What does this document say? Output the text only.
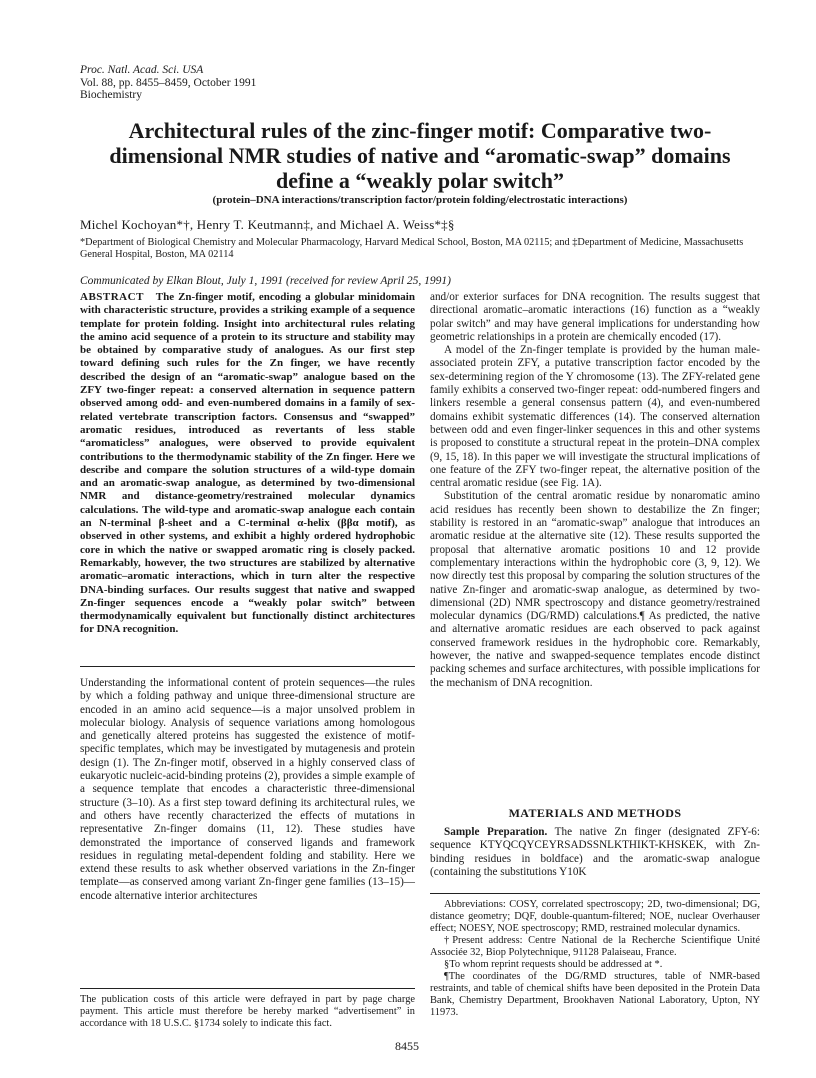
Proc. Natl. Acad. Sci. USA
Vol. 88, pp. 8455–8459, October 1991
Biochemistry
Architectural rules of the zinc-finger motif: Comparative two-dimensional NMR studies of native and “aromatic-swap” domains define a “weakly polar switch”
(protein–DNA interactions/transcription factor/protein folding/electrostatic interactions)
Michel Kochoyan*†, Henry T. Keutmann‡, and Michael A. Weiss*‡§
*Department of Biological Chemistry and Molecular Pharmacology, Harvard Medical School, Boston, MA 02115; and ‡Department of Medicine, Massachusetts General Hospital, Boston, MA 02114
Communicated by Elkan Blout, July 1, 1991 (received for review April 25, 1991)
ABSTRACT The Zn-finger motif, encoding a globular minidomain with characteristic structure, provides a striking example of a sequence template for protein folding. Insight into architectural rules relating the amino acid sequence of a protein to its structure and stability may be obtained by comparative study of analogues. As our first step toward defining such rules for the Zn finger, we have recently described the design of an “aromatic-swap” analogue based on the ZFY two-finger repeat: a conserved alternation in sequence pattern observed among odd- and even-numbered domains in a family of sex-related vertebrate transcription factors. Consensus and “swapped” aromatic residues, introduced as revertants of less stable “aromaticless” analogues, were observed to provide equivalent contributions to the thermodynamic stability of the Zn finger. Here we describe and compare the solution structures of a wild-type domain and an aromatic-swap analogue, as determined by two-dimensional NMR and distance-geometry/restrained molecular dynamics calculations. The wild-type and aromatic-swap analogue each contain an N-terminal β-sheet and a C-terminal α-helix (ββα motif), as observed in other systems, and exhibit a highly ordered hydrophobic core in which the native or swapped aromatic ring is closely packed. Remarkably, however, the two structures are stabilized by alternative aromatic–aromatic interactions, which in turn alter the respective DNA-binding surfaces. Our results suggest that native and swapped Zn-finger sequences encode a “weakly polar switch” between thermodynamically equivalent but functionally distinct architectures for DNA recognition.

Understanding the informational content of protein sequences—the rules by which a folding pathway and unique three-dimensional structure are encoded in an amino acid sequence—is a major unsolved problem in molecular biology. Analysis of sequence variations among homologous and genetically altered proteins has suggested the existence of motif-specific templates, which may be investigated by mutagenesis and protein design (1). The Zn-finger motif, observed in a highly conserved class of eukaryotic nucleic-acid-binding proteins (2), provides a simple example of a sequence template that encodes a characteristic three-dimensional structure (3–10). As a first step toward defining its architectural rules, we and others have recently characterized the effects of mutations in representative Zn-finger domains (11, 12). These studies have demonstrated the importance of conserved ligands and framework residues in regulating metal-dependent folding and stability. Here we extend these results to ask whether observed variations in the Zn-finger template—as conserved among variant Zn-finger gene families (13–15)—encode alternative interior architectures

and/or exterior surfaces for DNA recognition. The results suggest that directional aromatic–aromatic interactions (16) function as a “weakly polar switch” and may have general implications for understanding how geometric relationships in a protein are chemically encoded (17).

A model of the Zn-finger template is provided by the human male-associated protein ZFY, a putative transcription factor encoded by the sex-determining region of the Y chromosome (13). The ZFY-related gene family exhibits a conserved two-finger repeat: odd-numbered fingers and linkers resemble a general consensus pattern (4), and even-numbered domains exhibit systematic differences (14). The conserved alternation between odd and even finger-linker sequences in this and other systems is proposed to constitute a structural repeat in the protein–DNA complex (9, 15, 18). In this paper we will investigate the structural implications of one feature of the ZFY two-finger repeat, the alternative position of the central aromatic residue (see Fig. 1A).

Substitution of the central aromatic residue by nonaromatic amino acid residues has recently been shown to destabilize the Zn finger; stability is restored in an “aromatic-swap” analogue that introduces an aromatic residue at the alternative site (12). These results supported the proposal that alternative aromatic positions 10 and 12 provide complementary interactions within the hydrophobic core (3, 9, 12). We now directly test this proposal by comparing the solution structures of the native Zn-finger and aromatic-swap analogue, as determined by two-dimensional (2D) NMR spectroscopy and distance geometry/restrained molecular dynamics (DG/RMD) calculations.¶ As predicted, the native and alternative aromatic residues are each observed to pack against conserved framework residues in the hydrophobic core. Remarkably, however, the native and swapped-sequence templates encode distinct packing schemes and surface architectures, with possible implications for the mechanism of DNA recognition.

MATERIALS AND METHODS

Sample Preparation. The native Zn finger (designated ZFY-6: sequence KTYQCQYCEYRSADSSNLKTHIKT-KHSKEK, with Zn-binding residues in boldface) and the aromatic-swap analogue (containing the substitutions Y10K

Abbreviations: COSY, correlated spectroscopy; 2D, two-dimensional; DG, distance geometry; DQF, double-quantum-filtered; NOE, nuclear Overhauser effect; NOESY, NOE spectroscopy; RMD, restrained molecular dynamics.

†Present address: Centre National de la Recherche Scientifique Unité Associée 32, Biop Polytechnique, 91128 Palaiseau, France.

§To whom reprint requests should be addressed at *.

¶The coordinates of the DG/RMD structures, table of NMR-based restraints, and table of chemical shifts have been deposited in the Protein Data Bank, Chemistry Department, Brookhaven National Laboratory, Upton, NY 11973.

The publication costs of this article were defrayed in part by page charge payment. This article must therefore be hereby marked “advertisement” in accordance with 18 U.S.C. §1734 solely to indicate this fact.
8455
